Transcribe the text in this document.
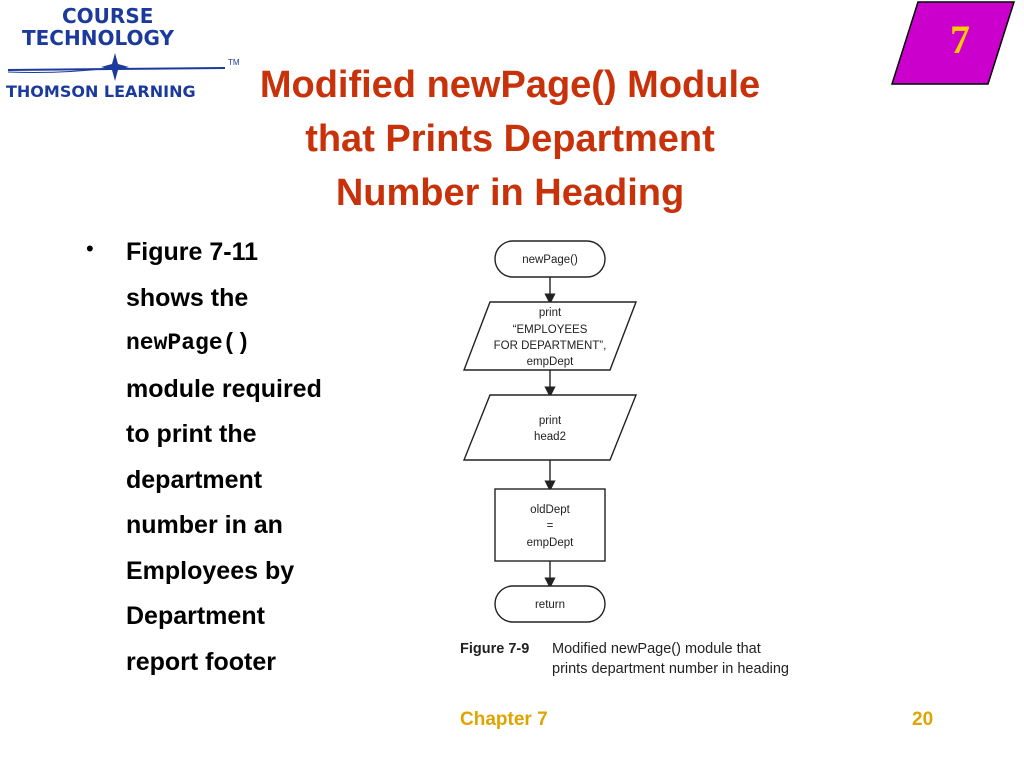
COURSE
TECHNOLOGY
TM
THOMSON LEARNING	Modified newPage() Module
that Prints Department
Number in Heading
7
• Figure 7-11
shows the
newPage()
module required
to print the
department
number in an
Employees by
Department
report footer
newPage()
print
“EMPLOYEES
FOR DEPARTMENT”,
empDept
print
head2
oldDept
=
empDept
return
Figure 7-9 Modified newPage() module that
prints department number in heading
Chapter 7	20
